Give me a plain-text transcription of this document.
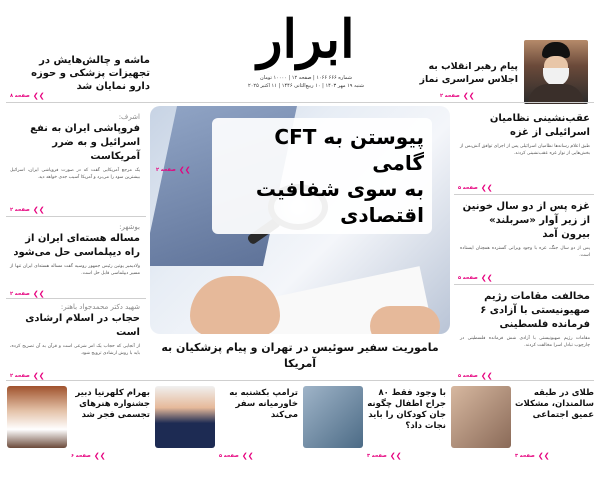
ابرار
شماره ۶۶۶ ۱۰۶۶ | صفحه ۱۲ | ۱۰۰۰۰ تومان
شنبه ۱۹ مهر ۱۴۰۳ | ۱۰ ربیع‌الثانی ۱۴۴۶ | ۱۱ اکتبر ۲۰۲۵
ماشه و چالش‌هایش در تجهیزات پزشکی و حوزه دارو نمایان شد
❯❯
صفحه ۸
پیام رهبر انقلاب به اجلاس سراسری نماز
❯❯
صفحه ۲
اشرف:
فروپاشی ایران به نفع اسرائیل و به ضرر آمریکاست
یک مرجع آمریکایی گفت که در صورت فروپاشی ایران، اسرائیل بیشترین سود را می‌برد و آمریکا آسیب جدی خواهد دید.
❯❯
صفحه ۲
بوشهر:
مساله هسته‌ای ایران از راه دیپلماسی حل می‌شود
ولادیمیر پوتین رئیس جمهور روسیه گفت مساله هسته‌ای ایران تنها از مسیر دیپلماسی قابل حل است.
❯❯
صفحه ۲
شهید دکتر محمدجواد باهنر:
حجاب در اسلام ارشادی است
از آنجایی که حجاب یک امر شرعی است و قرآن به آن تصریح کرده، باید با روش ارشادی ترویج شود.
❯❯
صفحه ۲
عقب‌نشینی نظامیان اسرائیلی از غزه
طبق اعلام رسانه‌ها نظامیان اسرائیلی پس از اجرای توافق آتش‌بس از بخش‌هایی از نوار غزه عقب‌نشینی کردند.
❯❯
صفحه ۵
غزه پس از دو سال خونین از زیر آوار «سربلند» بیرون آمد
پس از دو سال جنگ، غزه با وجود ویرانی گسترده همچنان ایستاده است.
❯❯
صفحه ۵
مخالفت مقامات رژیم صهیونیستی با آزادی ۶ فرمانده فلسطینی
مقامات رژیم صهیونیستی با آزادی شش فرمانده فلسطینی در چارچوب تبادل اسرا مخالفت کردند.
❯❯
صفحه ۵
پیوستن به CFT گامی
به سوی شفافیت اقتصادی
❯❯
صفحه ۲
ماموریت سفیر سوئیس در تهران و پیام پزشکیان به آمریکا
طلای در طبقه سالمندان، مشکلات عمیق اجتماعی
❯❯
صفحه ۳
با وجود فقط ۸۰ جراح اطفال چگونه جان کودکان را باید نجات داد؟
❯❯
صفحه ۳
ترامپ بکشنبه به خاورمیانه سفر می‌کند
❯❯
صفحه ۵
بهرام کلهرنیا دبیر جشنواره هنرهای تجسمی فجر شد
❯❯
صفحه ۶
